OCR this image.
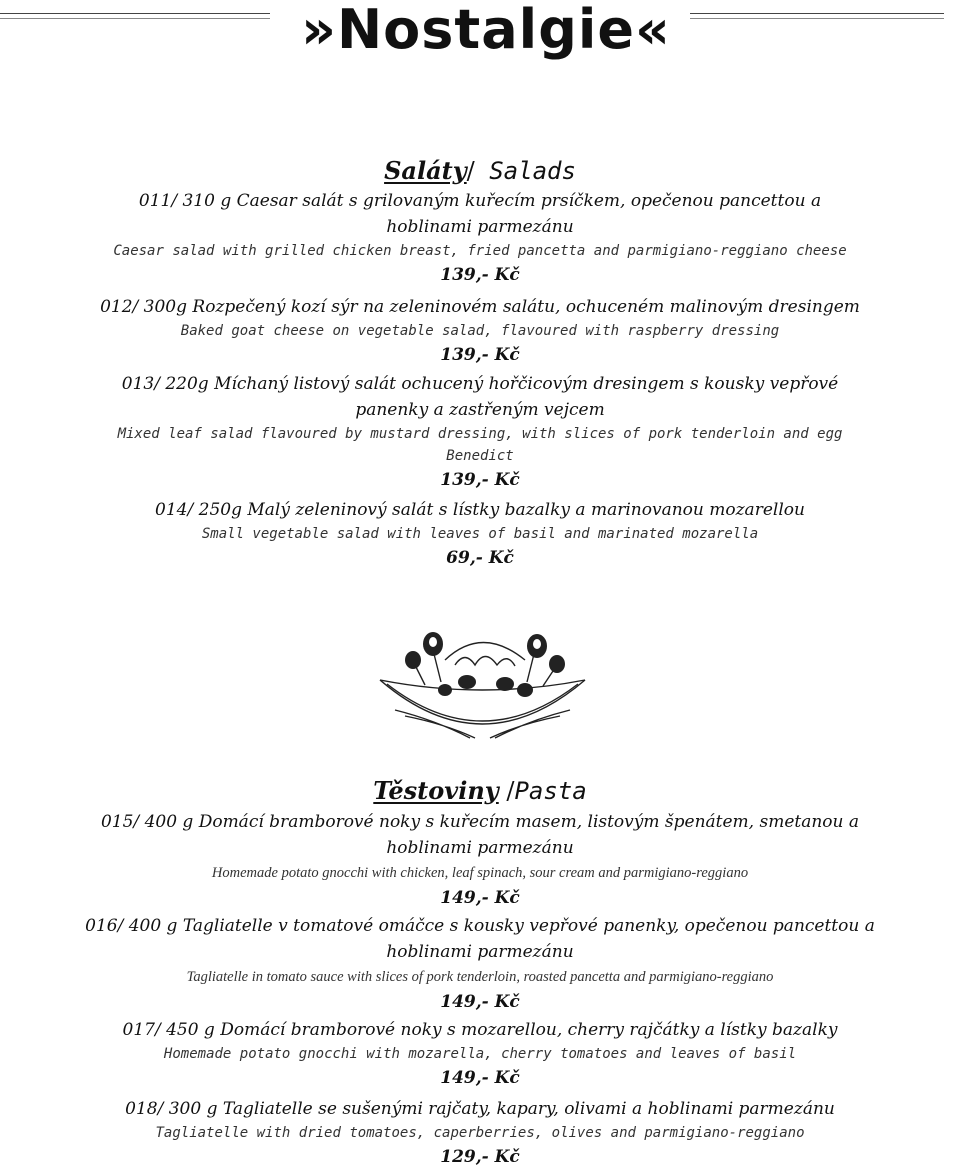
»Nostalgie«

Saláty/ Salads

011/ 310 g Caesar salát s grilovaným kuřecím prsíčkem, opečenou pancettou a hoblinami parmezánu

Caesar salad with grilled chicken breast, fried pancetta and parmigiano-reggiano cheese

139,- Kč

012/ 300g Rozpečený kozí sýr na zeleninovém salátu, ochuceném malinovým dresingem

Baked goat cheese on vegetable salad, flavoured with raspberry dressing

139,- Kč

013/ 220g Míchaný listový salát ochucený hořčicovým dresingem s kousky vepřové panenky a zastřeným vejcem

Mixed leaf salad flavoured by mustard dressing, with slices of pork tenderloin and egg Benedict

139,- Kč

014/ 250g Malý zeleninový salát s lístky bazalky a marinovanou mozarellou

Small vegetable salad with leaves of basil and marinated mozarella

69,- Kč

Těstoviny /Pasta

015/ 400 g Domácí bramborové noky s kuřecím masem, listovým špenátem, smetanou a hoblinami parmezánu

Homemade potato gnocchi with chicken, leaf spinach, sour cream and parmigiano-reggiano

149,- Kč

016/ 400 g Tagliatelle v tomatové omáčce s kousky vepřové panenky, opečenou pancettou a hoblinami parmezánu

Tagliatelle in tomato sauce with slices of pork tenderloin, roasted pancetta and parmigiano-reggiano

149,- Kč

017/ 450 g Domácí bramborové noky s mozarellou, cherry rajčátky a lístky bazalky

Homemade potato gnocchi with mozarella, cherry tomatoes and leaves of basil

149,- Kč

018/ 300 g Tagliatelle se sušenými rajčaty, kapary, olivami a hoblinami parmezánu

Tagliatelle with dried tomatoes, caperberries, olives and parmigiano-reggiano

129,- Kč
